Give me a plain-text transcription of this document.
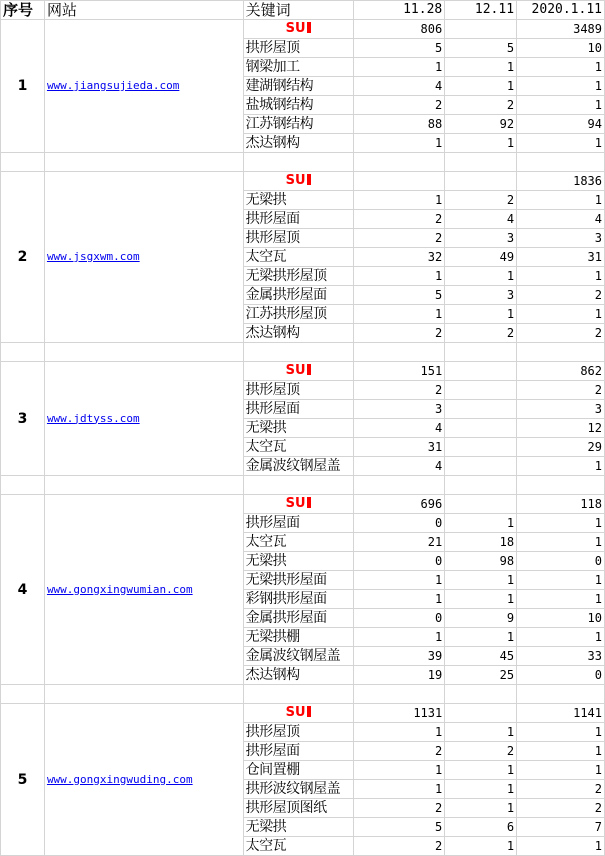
序号	网站	关键词	11.28	12.11	2020.1.11
1	www.jiangsujieda.com	SU	806		3489
		拱形屋顶	5	5	10
		钢梁加工	1	1	1
		建湖钢结构	4	1	1
		盐城钢结构	2	2	1
		江苏钢结构	88	92	94
		杰达钢构	1	1	1

2	www.jsgxwm.com	SU			1836
		无梁拱	1	2	1
		拱形屋面	2	4	4
		拱形屋顶	2	3	3
		太空瓦	32	49	31
		无梁拱形屋顶	1	1	1
		金属拱形屋面	5	3	2
		江苏拱形屋顶	1	1	1
		杰达钢构	2	2	2

3	www.jdtyss.com	SU	151		862
		拱形屋顶	2		2
		拱形屋面	3		3
		无梁拱	4		12
		太空瓦	31		29
		金属波纹钢屋盖	4		1

4	www.gongxingwumian.com	SU	696		118
		拱形屋面	0	1	1
		太空瓦	21	18	1
		无梁拱	0	98	0
		无梁拱形屋面	1	1	1
		彩钢拱形屋面	1	1	1
		金属拱形屋面	0	9	10
		无梁拱棚	1	1	1
		金属波纹钢屋盖	39	45	33
		杰达钢构	19	25	0

5	www.gongxingwuding.com	SU	1131		1141
		拱形屋顶	1	1	1
		拱形屋面	2	2	1
		仓间置棚	1	1	1
		拱形波纹钢屋盖	1	1	2
		拱形屋顶图纸	2	1	2
		无梁拱	5	6	7
		太空瓦	2	1	1
